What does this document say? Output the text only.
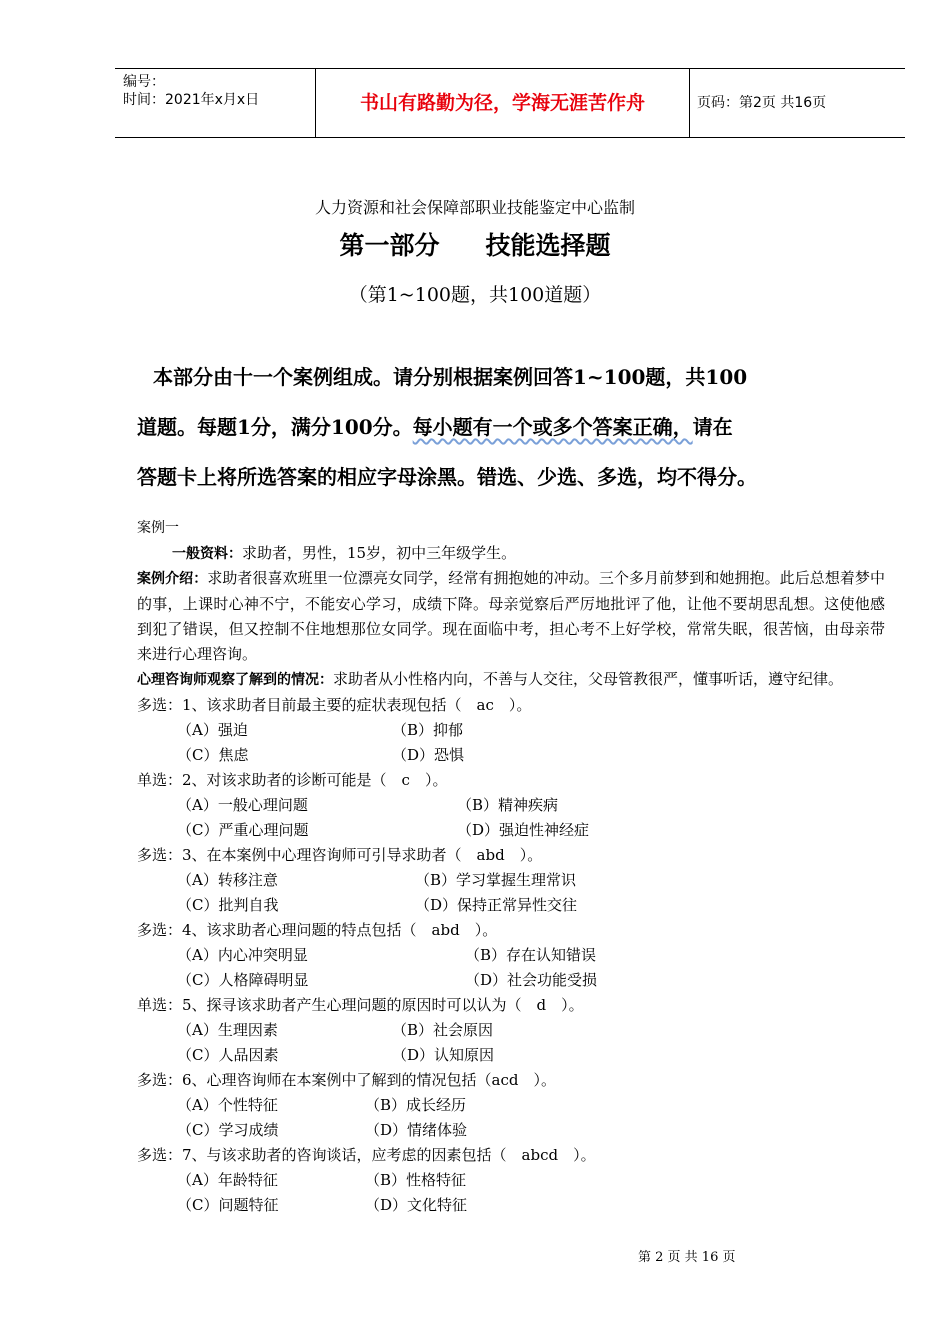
编号：
时间：2021年x月x日	书山有路勤为径，学海无涯苦作舟	页码：第2页 共16页
人力资源和社会保障部职业技能鉴定中心监制
第一部分 技能选择题
（第1~100题，共100道题）
本部分由十一个案例组成。请分别根据案例回答1~100题，共100
道题。每题1分，满分100分。每小题有一个或多个答案正确，请在
答题卡上将所选答案的相应字母涂黑。错选、少选、多选，均不得分。
案例一
一般资料：求助者，男性，15岁，初中三年级学生。
案例介绍：求助者很喜欢班里一位漂亮女同学，经常有拥抱她的冲动。三个多月前梦到和她拥抱。此后总想着梦中的事，上课时心神不宁，不能安心学习，成绩下降。母亲觉察后严厉地批评了他，让他不要胡思乱想。这使他感到犯了错误，但又控制不住地想那位女同学。现在面临中考，担心考不上好学校，常常失眠，很苦恼，由母亲带来进行心理咨询。
心理咨询师观察了解到的情况：求助者从小性格内向，不善与人交往，父母管教很严，懂事听话，遵守纪律。
多选：1、该求助者目前最主要的症状表现包括（　ac　）。
（A）强迫	（B）抑郁
（C）焦虑	（D）恐惧
单选：2、对该求助者的诊断可能是（　c　）。
（A）一般心理问题	（B）精神疾病
（C）严重心理问题	（D）强迫性神经症
多选：3、在本案例中心理咨询师可引导求助者（　abd　）。
（A）转移注意	（B）学习掌握生理常识
（C）批判自我	（D）保持正常异性交往
多选：4、该求助者心理问题的特点包括（　abd　）。
（A）内心冲突明显	（B）存在认知错误
（C）人格障碍明显	（D）社会功能受损
单选：5、探寻该求助者产生心理问题的原因时可以认为（　d　）。
（A）生理因素	（B）社会原因
（C）人品因素	（D）认知原因
多选：6、心理咨询师在本案例中了解到的情况包括（acd　）。
（A）个性特征	（B）成长经历
（C）学习成绩	（D）情绪体验
多选：7、与该求助者的咨询谈话，应考虑的因素包括（　abcd　）。
（A）年龄特征	（B）性格特征
（C）问题特征	（D）文化特征
第 2 页 共 16 页
